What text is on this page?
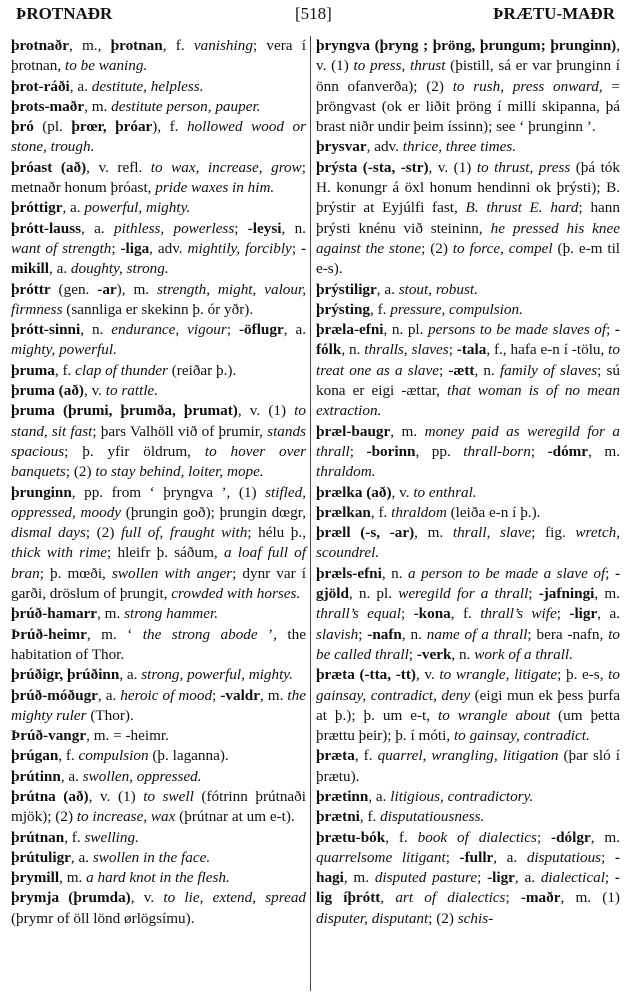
ÞROTNAÐR	[518]	ÞRÆTU-MAÐR

þrotnaðr, m., þrotnan, f. vanishing; vera í þrotnan, to be waning.

þrot-ráði, a. destitute, helpless.

þrots-maðr, m. destitute person, pauper.

þró (pl. þrœr, þróar), f. hollowed wood or stone, trough.

þróast (að), v. refl. to wax, increase, grow; metnaðr honum þróast, pride waxes in him.

þróttigr, a. powerful, mighty.

þrótt-lauss, a. pithless, powerless; -leysi, n. want of strength; -liga, adv. mightily, forcibly; -mikill, a. doughty, strong.

þróttr (gen. -ar), m. strength, might, valour, firmness (sannliga er skekinn þ. ór yðr).

þrótt-sinni, n. endurance, vigour; -öflugr, a. mighty, powerful.

þruma, f. clap of thunder (reiðar þ.).

þruma (að), v. to rattle.

þruma (þrumi, þrumða, þrumat), v. (1) to stand, sit fast; þars Valhöll við of þrumir, stands spacious; þ. yfir öldrum, to hover over banquets; (2) to stay behind, loiter, mope.

þrunginn, pp. from ‘ þryngva ’, (1) stifled, oppressed, moody (þrungin goð); þrungin dœgr, dismal days; (2) full of, fraught with; hélu þ., thick with rime; hleifr þ. sáðum, a loaf full of bran; þ. mœði, swollen with anger; dynr var í garði, dröslum of þrungit, crowded with horses.

þrúð-hamarr, m. strong hammer.

Þrúð-heimr, m. ‘ the strong abode ’, the habitation of Thor.

þrúðigr, þrúðinn, a. strong, powerful, mighty.

þrúð-móðugr, a. heroic of mood; -valdr, m. the mighty ruler (Thor).

Þrúð-vangr, m. = -heimr.

þrúgan, f. compulsion (þ. laganna).

þrútinn, a. swollen, oppressed.

þrútna (að), v. (1) to swell (fótrinn þrútnaði mjök); (2) to increase, wax (þrútnar at um e-t).

þrútnan, f. swelling.

þrútuligr, a. swollen in the face.

þrymill, m. a hard knot in the flesh.

þrymja (þrumda), v. to lie, extend, spread (þrymr of öll lönd ørlögsímu).

þryngva (þryng ; þröng, þrungum; þrunginn), v. (1) to press, thrust (þistill, sá er var þrunginn í önn ofanverða); (2) to rush, press onward, = þröngvast (ok er liðit þröng í milli skipanna, þá brast niðr undir þeim íssinn); see ‘ þrunginn ’.

þrysvar, adv. thrice, three times.

þrýsta (-sta, -str), v. (1) to thrust, press (þá tók H. konungr á öxl honum hendinni ok þrýsti); B. þrýstir at Eyjúlfi fast, B. thrust E. hard; hann þrýsti knénu við steininn, he pressed his knee against the stone; (2) to force, compel (þ. e-m til e-s).

þrýstiligr, a. stout, robust.

þrýsting, f. pressure, compulsion.

þræla-efni, n. pl. persons to be made slaves of; -fólk, n. thralls, slaves; -tala, f., hafa e-n í -tölu, to treat one as a slave; -ætt, n. family of slaves; sú kona er eigi -ættar, that woman is of no mean extraction.

þræl-baugr, m. money paid as weregild for a thrall; -borinn, pp. thrall-born; -dómr, m. thraldom.

þrælka (að), v. to enthral.

þrælkan, f. thraldom (leiða e-n í þ.).

þræll (-s, -ar), m. thrall, slave; fig. wretch, scoundrel.

þræls-efni, n. a person to be made a slave of; -gjöld, n. pl. weregild for a thrall; -jafningi, m. thrall’s equal; -kona, f. thrall’s wife; -ligr, a. slavish; -nafn, n. name of a thrall; bera -nafn, to be called thrall; -verk, n. work of a thrall.

þræta (-tta, -tt), v. to wrangle, litigate; þ. e-s, to gainsay, contradict, deny (eigi mun ek þess þurfa at þ.); þ. um e-t, to wrangle about (um þetta þrættu þeir); þ. í móti, to gainsay, contradict.

þræta, f. quarrel, wrangling, litigation (þar sló í þrætu).

þrætinn, a. litigious, contradictory.

þrætni, f. disputatiousness.

þrætu-bók, f. book of dialectics; -dólgr, m. quarrelsome litigant; -fullr, a. disputatious; -hagi, m. disputed pasture; -ligr, a. dialectical; -lig íþrótt, art of dialectics; -maðr, m. (1) disputer, disputant; (2) schis-
